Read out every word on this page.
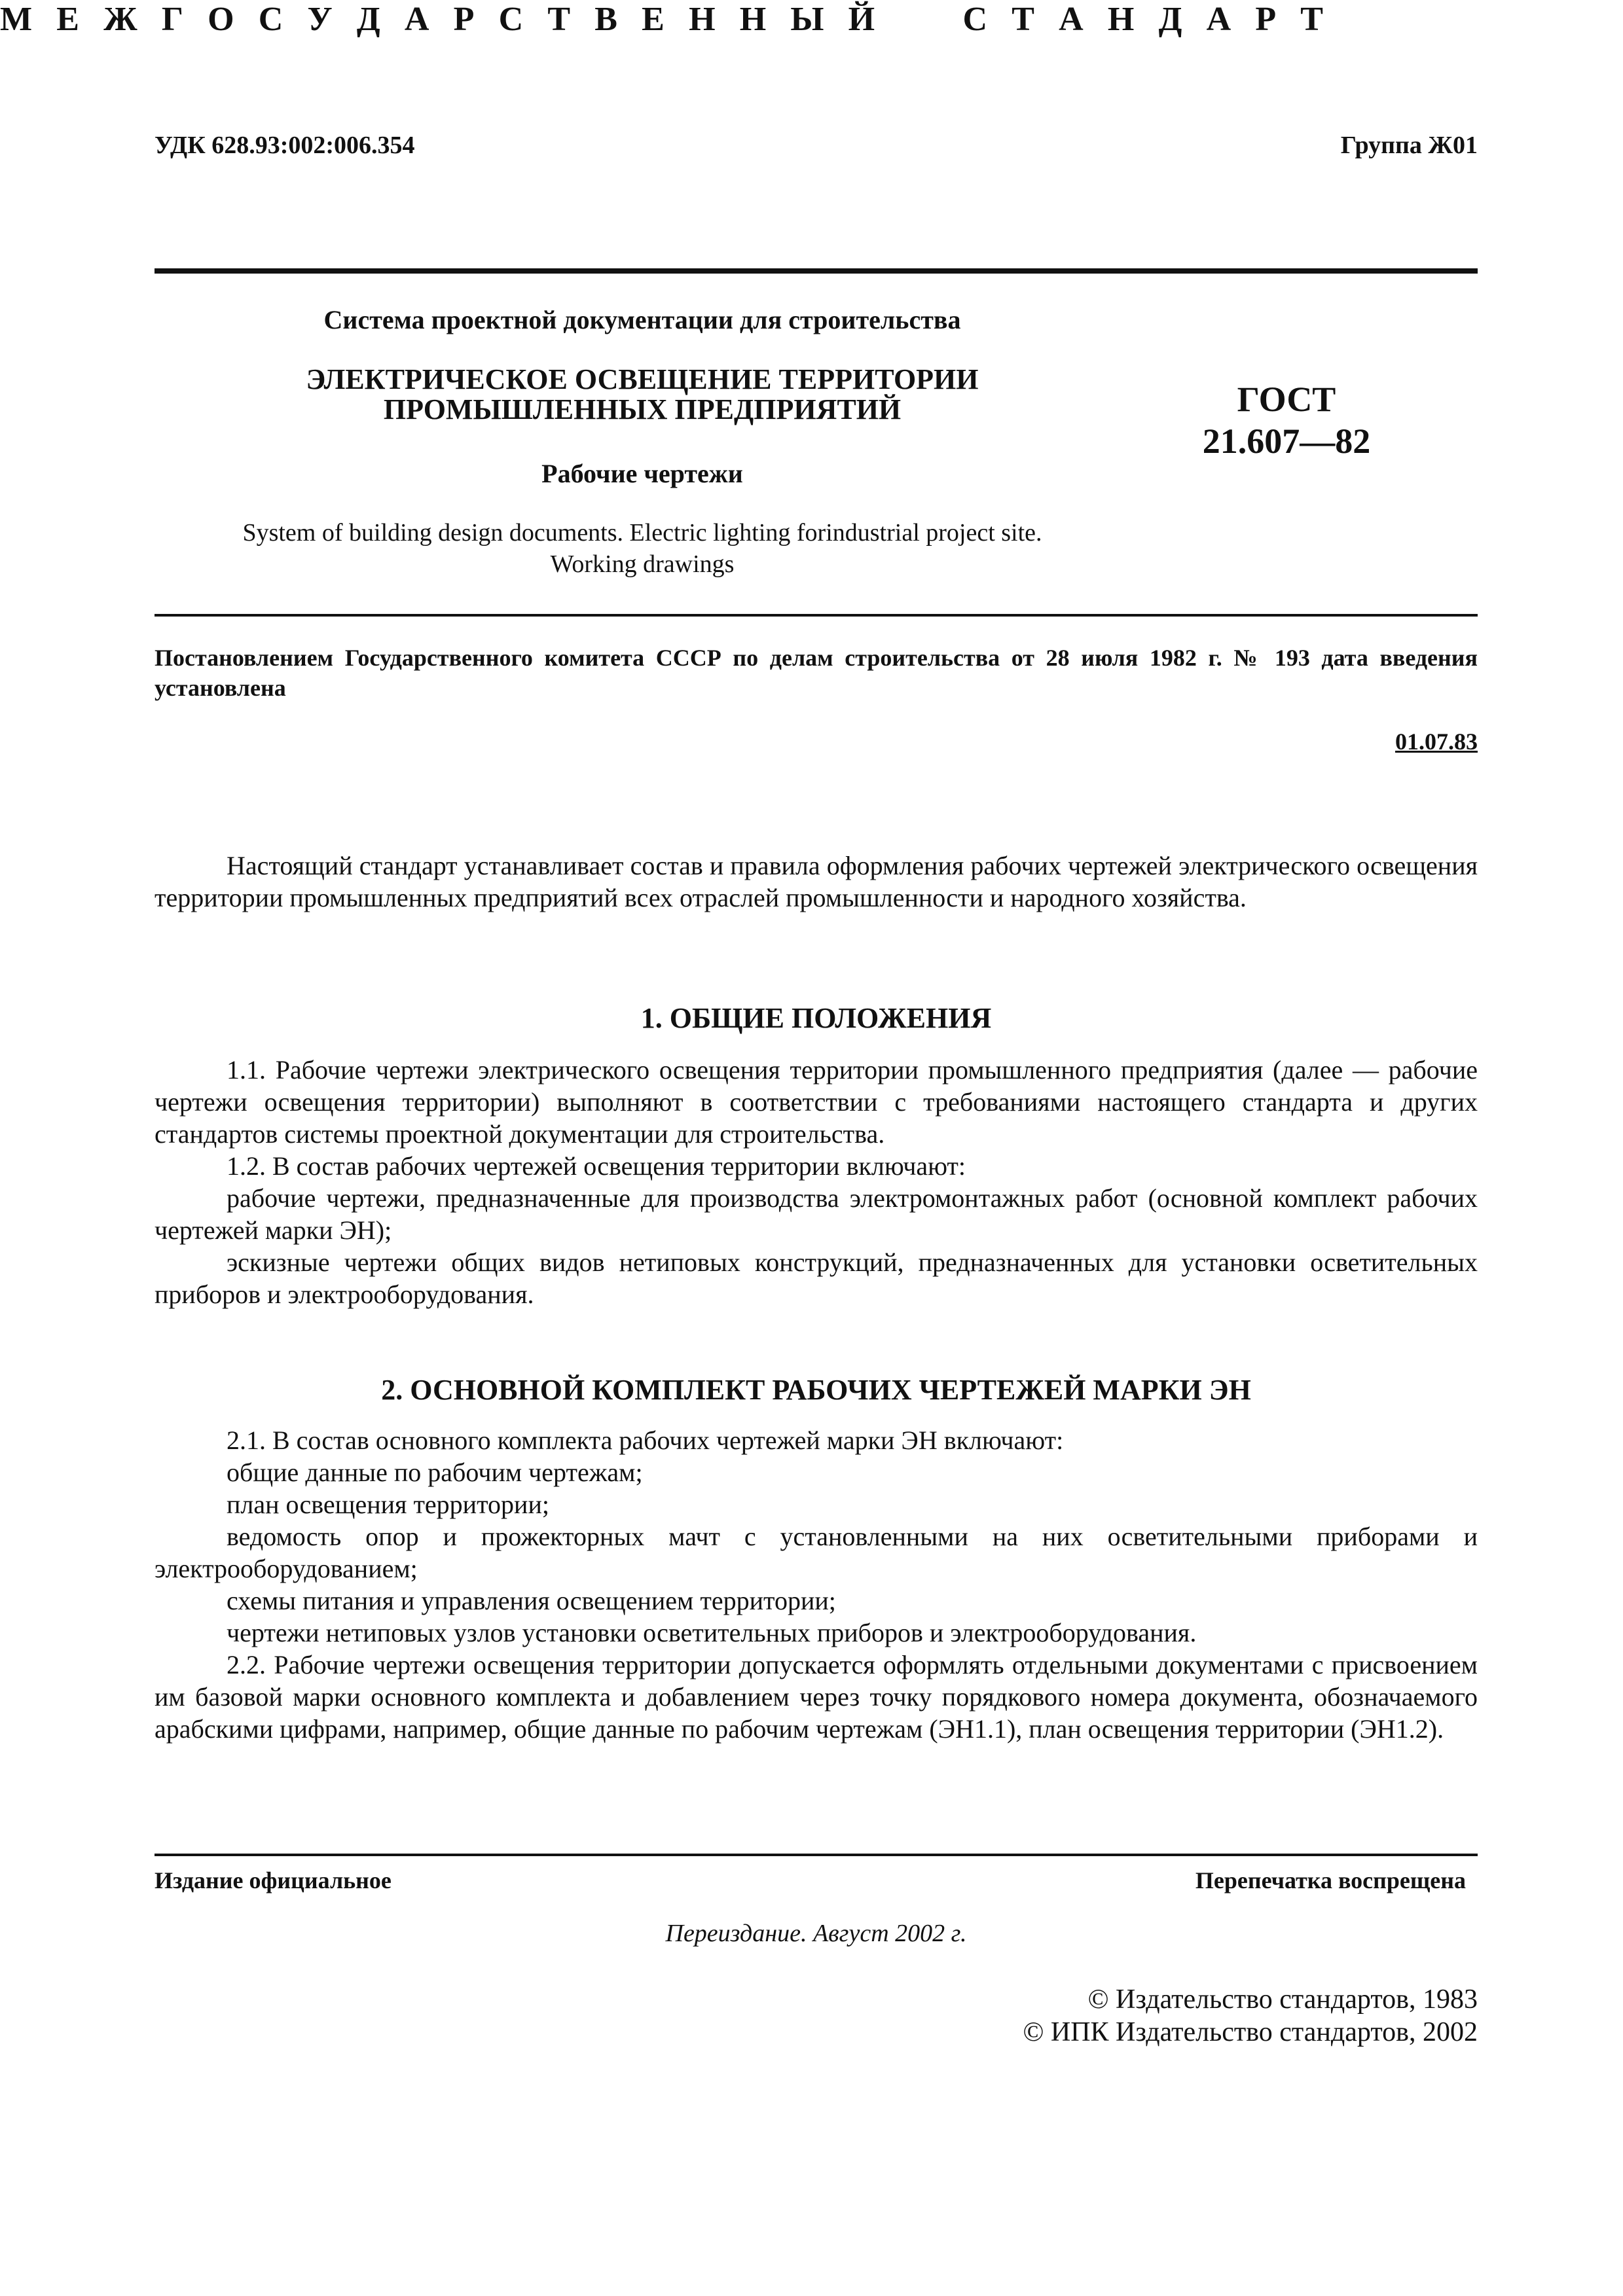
УДК 628.93:002:006.354	Группа Ж01
М Е Ж Г О С У Д А Р С Т В Е Н Н Ы Й	С Т А Н Д А Р Т
Система проектной документации для строительства
ЭЛЕКТРИЧЕСКОЕ ОСВЕЩЕНИЕ ТЕРРИТОРИИ
ПРОМЫШЛЕННЫХ ПРЕДПРИЯТИЙ
Рабочие чертежи
System of building design documents. Electric lighting forindustrial project site.
Working drawings
ГОСТ
21.607—82
Постановлением Государственного комитета СССР по делам строительства от 28 июля 1982 г. № 193 дата введения установлена
01.07.83

Настоящий стандарт устанавливает состав и правила оформления рабочих чертежей электрического освещения территории промышленных предприятий всех отраслей промышленности и народного хозяйства.

1. ОБЩИЕ ПОЛОЖЕНИЯ

1.1. Рабочие чертежи электрического освещения территории промышленного предприятия (далее — рабочие чертежи освещения территории) выполняют в соответствии с требованиями настоящего стандарта и других стандартов системы проектной документации для строительства.

1.2. В состав рабочих чертежей освещения территории включают:

рабочие чертежи, предназначенные для производства электромонтажных работ (основной комплект рабочих чертежей марки ЭН);

эскизные чертежи общих видов нетиповых конструкций, предназначенных для установки осветительных приборов и электрооборудования.

2. ОСНОВНОЙ КОМПЛЕКТ РАБОЧИХ ЧЕРТЕЖЕЙ МАРКИ ЭН

2.1. В состав основного комплекта рабочих чертежей марки ЭН включают:

общие данные по рабочим чертежам;

план освещения территории;

ведомость опор и прожекторных мачт с установленными на них осветительными приборами и электрооборудованием;

схемы питания и управления освещением территории;

чертежи нетиповых узлов установки осветительных приборов и электрооборудования.

2.2. Рабочие чертежи освещения территории допускается оформлять отдельными документами с присвоением им базовой марки основного комплекта и добавлением через точку порядкового номера документа, обозначаемого арабскими цифрами, например, общие данные по рабочим чертежам (ЭН1.1), план освещения территории (ЭН1.2).

Издание официальное	Перепечатка воспрещена
Переиздание. Август 2002 г.
© Издательство стандартов, 1983
© ИПК Издательство стандартов, 2002
